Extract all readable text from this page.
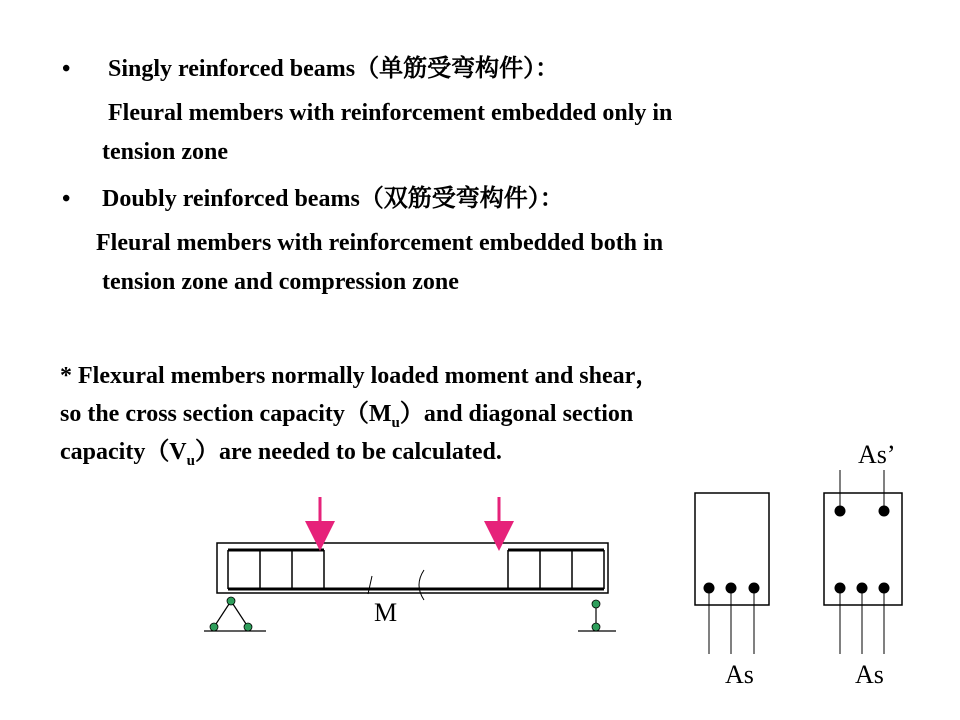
• Singly reinforced beams（单筋受弯构件）：
Fleural members with reinforcement embedded only in
tension zone
• Doubly reinforced beams（双筋受弯构件）：
Fleural members with reinforcement embedded both in
tension zone and compression zone
* Flexural members normally loaded moment and shear，
so the cross section $capacity(M_u)and$ diagonal section
$capacity(V_u)are$ needed to be calculated.
M
As	As
As’
